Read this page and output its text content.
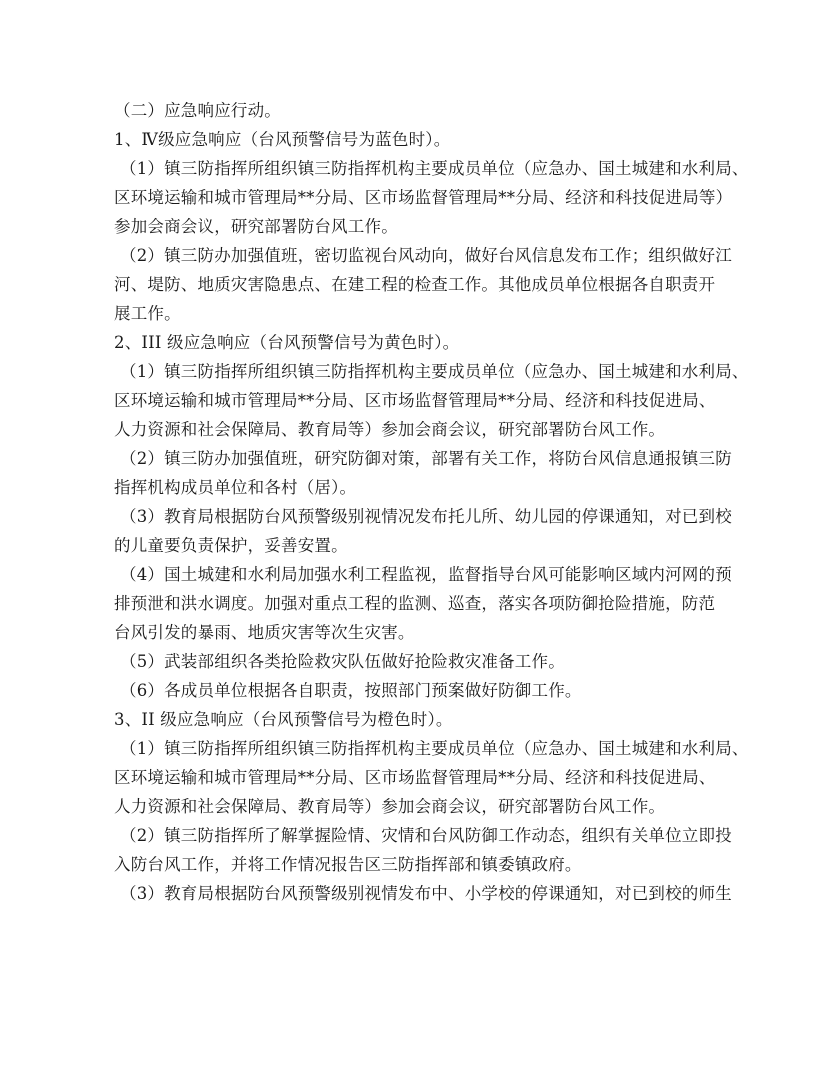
（二）应急响应行动。
1、Ⅳ级应急响应（台风预警信号为蓝色时）。
（1）镇三防指挥所组织镇三防指挥机构主要成员单位（应急办、国土城建和水利局、
区环境运输和城市管理局**分局、区市场监督管理局**分局、经济和科技促进局等）
参加会商会议，研究部署防台风工作。
（2）镇三防办加强值班，密切监视台风动向，做好台风信息发布工作；组织做好江
河、堤防、地质灾害隐患点、在建工程的检查工作。其他成员单位根据各自职责开
展工作。
2、III 级应急响应（台风预警信号为黄色时）。
（1）镇三防指挥所组织镇三防指挥机构主要成员单位（应急办、国土城建和水利局、
区环境运输和城市管理局**分局、区市场监督管理局**分局、经济和科技促进局、
人力资源和社会保障局、教育局等）参加会商会议，研究部署防台风工作。
（2）镇三防办加强值班，研究防御对策，部署有关工作，将防台风信息通报镇三防
指挥机构成员单位和各村（居）。
（3）教育局根据防台风预警级别视情况发布托儿所、幼儿园的停课通知，对已到校
的儿童要负责保护，妥善安置。
（4）国土城建和水利局加强水利工程监视，监督指导台风可能影响区域内河网的预
排预泄和洪水调度。加强对重点工程的监测、巡查，落实各项防御抢险措施，防范
台风引发的暴雨、地质灾害等次生灾害。
（5）武装部组织各类抢险救灾队伍做好抢险救灾准备工作。
（6）各成员单位根据各自职责，按照部门预案做好防御工作。
3、II 级应急响应（台风预警信号为橙色时）。
（1）镇三防指挥所组织镇三防指挥机构主要成员单位（应急办、国土城建和水利局、
区环境运输和城市管理局**分局、区市场监督管理局**分局、经济和科技促进局、
人力资源和社会保障局、教育局等）参加会商会议，研究部署防台风工作。
（2）镇三防指挥所了解掌握险情、灾情和台风防御工作动态，组织有关单位立即投
入防台风工作，并将工作情况报告区三防指挥部和镇委镇政府。
（3）教育局根据防台风预警级别视情发布中、小学校的停课通知，对已到校的师生
